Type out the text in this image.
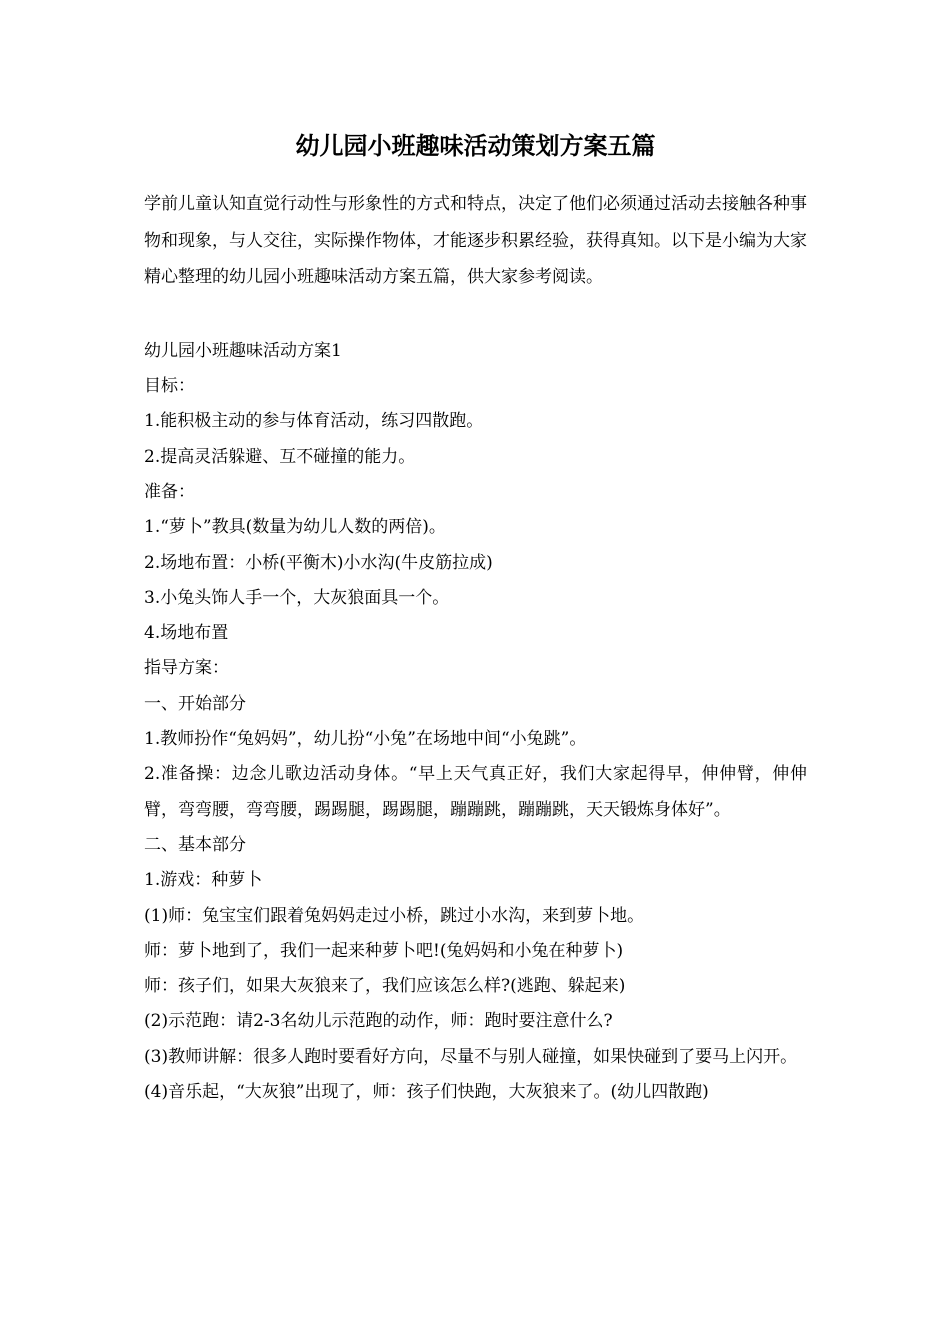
幼儿园小班趣味活动策划方案五篇

学前儿童认知直觉行动性与形象性的方式和特点，决定了他们必须通过活动去接触各种事物和现象，与人交往，实际操作物体，才能逐步积累经验，获得真知。以下是小编为大家精心整理的幼儿园小班趣味活动方案五篇，供大家参考阅读。

幼儿园小班趣味活动方案1

目标：

1.能积极主动的参与体育活动，练习四散跑。

2.提高灵活躲避、互不碰撞的能力。

准备：

1.“萝卜”教具(数量为幼儿人数的两倍)。

2.场地布置：小桥(平衡木)小水沟(牛皮筋拉成)

3.小兔头饰人手一个，大灰狼面具一个。

4.场地布置

指导方案：

一、开始部分

1.教师扮作“兔妈妈”，幼儿扮“小兔”在场地中间“小兔跳”。

2.准备操：边念儿歌边活动身体。“早上天气真正好，我们大家起得早，伸伸臂，伸伸臂，弯弯腰，弯弯腰，踢踢腿，踢踢腿，蹦蹦跳，蹦蹦跳，天天锻炼身体好”。

二、基本部分

1.游戏：种萝卜

(1)师：兔宝宝们跟着兔妈妈走过小桥，跳过小水沟，来到萝卜地。

师：萝卜地到了，我们一起来种萝卜吧!(兔妈妈和小兔在种萝卜)

师：孩子们，如果大灰狼来了，我们应该怎么样?(逃跑、躲起来)

(2)示范跑：请2-3名幼儿示范跑的动作，师：跑时要注意什么?

(3)教师讲解：很多人跑时要看好方向，尽量不与别人碰撞，如果快碰到了要马上闪开。

(4)音乐起，“大灰狼”出现了，师：孩子们快跑，大灰狼来了。(幼儿四散跑)
